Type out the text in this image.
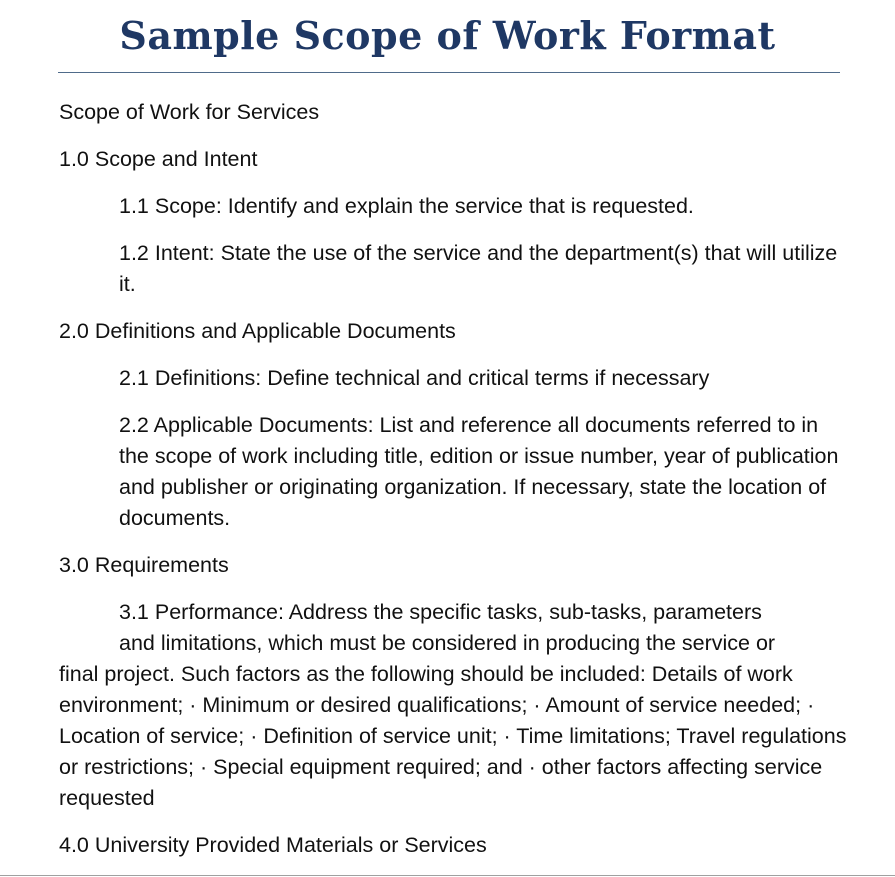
Sample Scope of Work Format

Scope of Work for Services

1.0 Scope and Intent

1.1 Scope: Identify and explain the service that is requested.

1.2 Intent: State the use of the service and the department(s) that will utilize it.

2.0 Definitions and Applicable Documents

2.1 Definitions: Define technical and critical terms if necessary

2.2 Applicable Documents: List and reference all documents referred to in the scope of work including title, edition or issue number, year of publication and publisher or originating organization. If necessary, state the location of documents.

3.0 Requirements

3.1 Performance: Address the specific tasks, sub-tasks, parameters
and limitations, which must be considered in producing the service or
final project. Such factors as the following should be included: Details of work environment; · Minimum or desired qualifications; · Amount of service needed; · Location of service; · Definition of service unit; · Time limitations; Travel regulations or restrictions; · Special equipment required; and · other factors affecting service requested

4.0 University Provided Materials or Services
